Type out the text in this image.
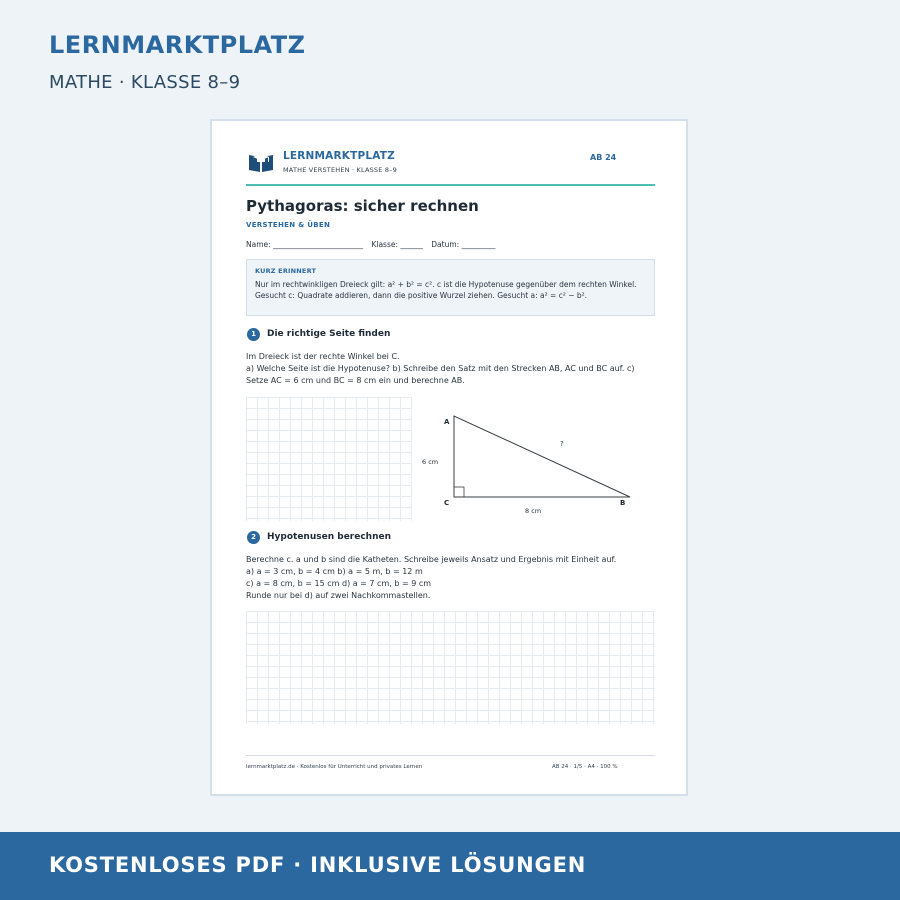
LERNMARKTPLATZ
MATHE · KLASSE 8–9
LERNMARKTPLATZ
MATHE VERSTEHEN · KLASSE 8–9
AB 24
Pythagoras: sicher rechnen
VERSTEHEN & ÜBEN
Name: ________________________ Klasse: ______ Datum: _________
KURZ ERINNERT
Nur im rechtwinkligen Dreieck gilt: a² + b² = c². c ist die Hypotenuse gegenüber dem rechten Winkel.
Gesucht c: Quadrate addieren, dann die positive Wurzel ziehen. Gesucht a: a² = c² − b².
1	Die richtige Seite finden
Im Dreieck ist der rechte Winkel bei C.
a) Welche Seite ist die Hypotenuse? b) Schreibe den Satz mit den Strecken AB, AC und BC auf. c)
Setze AC = 6 cm und BC = 8 cm ein und berechne AB.
A
C	B
6 cm
8 cm
?
2	Hypotenusen berechnen
Berechne c. a und b sind die Katheten. Schreibe jeweils Ansatz und Ergebnis mit Einheit auf.
a) a = 3 cm, b = 4 cm b) a = 5 m, b = 12 m
c) a = 8 cm, b = 15 cm d) a = 7 cm, b = 9 cm
Runde nur bei d) auf zwei Nachkommastellen.
lernmarktplatz.de · Kostenlos für Unterricht und privates Lernen	AB 24 · 1/5 · A4 · 100 %
KOSTENLOSES PDF · INKLUSIVE LÖSUNGEN
